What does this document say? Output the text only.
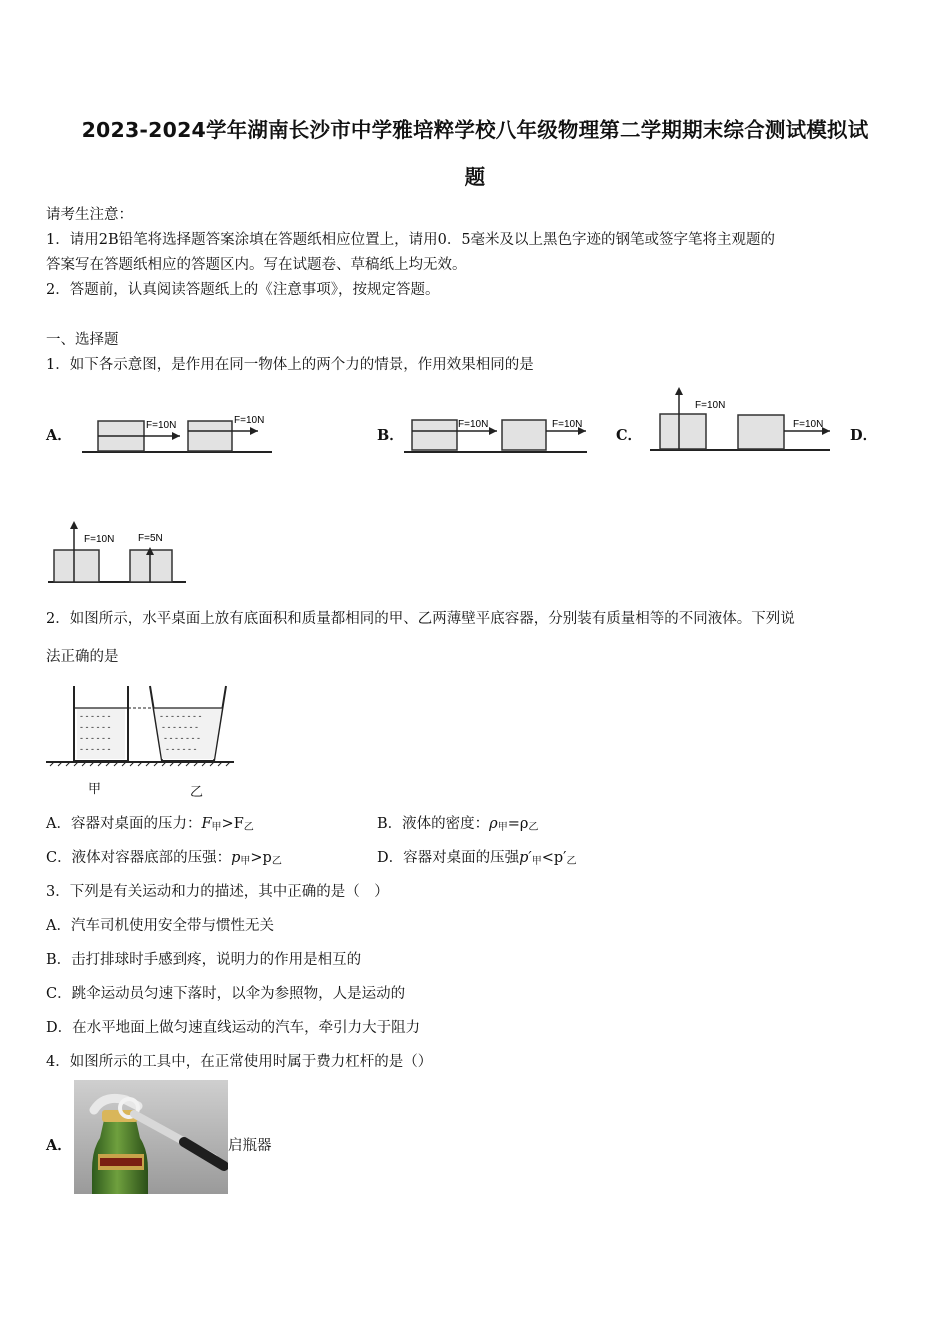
2023-2024学年湖南长沙市中学雅培粹学校八年级物理第二学期期末综合测试模拟试
题
请考生注意：
1．请用2B铅笔将选择题答案涂填在答题纸相应位置上，请用0．5毫米及以上黑色字迹的钢笔或签字笔将主观题的
答案写在答题纸相应的答题区内。写在试题卷、草稿纸上均无效。
2．答题前，认真阅读答题纸上的《注意事项》，按规定答题。
一、选择题
1．如下各示意图，是作用在同一物体上的两个力的情景，作用效果相同的是
A．	B．	C．	D．
F=10N	F=10N	F=10N	F=10N
F=10N
F=10N
F=10N F=5N
2．如图所示，水平桌面上放有底面积和质量都相同的甲、乙两薄壁平底容器，分别装有质量相等的不同液体。下列说
法正确的是
- - - - - -
- - - - - -
- - - - - -
- - - - - -
- - - - - - - -
- - - - - - -
- - - - - - -
- - - - - -
甲	乙
A．容器对桌面的压力：$F_甲>F_乙$	B．液体的密度：$\rho_甲=\rho_乙$
C．液体对容器底部的压强：$p_甲>p_乙$	D．容器对桌面的压强$p'_甲<p'_乙$
3．下列是有关运动和力的描述，其中正确的是（　）
A．汽车司机使用安全带与惯性无关
B．击打排球时手感到疼，说明力的作用是相互的
C．跳伞运动员匀速下落时，以伞为参照物，人是运动的
D．在水平地面上做匀速直线运动的汽车，牵引力大于阻力
4．如图所示的工具中，在正常使用时属于费力杠杆的是（）
A．	启瓶器
